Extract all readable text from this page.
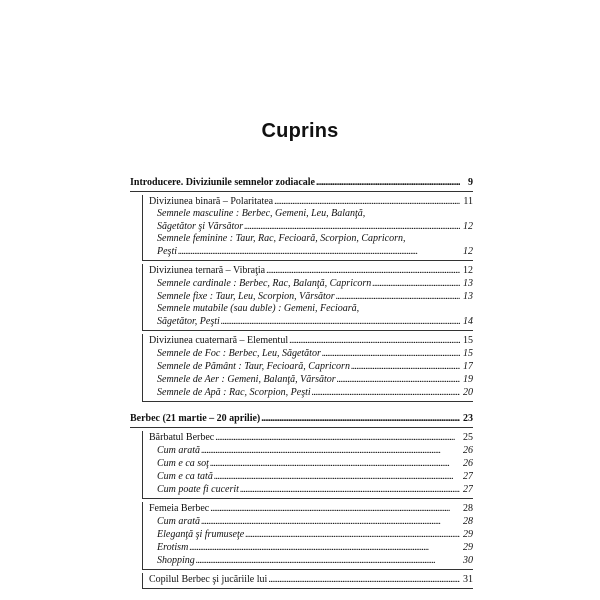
Cuprins
Introducere. Diviziunile semnelor zodiacale . . .	9
Diviziunea binară – Polaritatea . . .	11
Semnele masculine : Berbec, Gemeni, Leu, Balanţă,
Săgetător şi Vărsător . . .	12
Semnele feminine : Taur, Rac, Fecioară, Scorpion, Capricorn,
Peşti . . .	12
Diviziunea ternară – Vibraţia . . .	12
Semnele cardinale : Berbec, Rac, Balanţă, Capricorn . . .	13
Semnele fixe : Taur, Leu, Scorpion, Vărsător . . .	13
Semnele mutabile (sau duble) : Gemeni, Fecioară,
Săgetător, Peşti . . .	14
Diviziunea cuaternară – Elementul . . .	15
Semnele de Foc : Berbec, Leu, Săgetător . . .	15
Semnele de Pământ : Taur, Fecioară, Capricorn . . .	17
Semnele de Aer : Gemeni, Balanţă, Vărsător . . .	19
Semnele de Apă : Rac, Scorpion, Peşti . . .	20
Berbec (21 martie – 20 aprilie) . . .	23
Bărbatul Berbec . . .	25
Cum arată . . .	26
Cum e ca soţ . . .	26
Cum e ca tată . . .	27
Cum poate fi cucerit . . .	27
Femeia Berbec . . .	28
Cum arată . . .	28
Eleganţă şi frumuseţe . . .	29
Erotism . . .	29
Shopping . . .	30
Copilul Berbec şi jucăriile lui . . .	31
